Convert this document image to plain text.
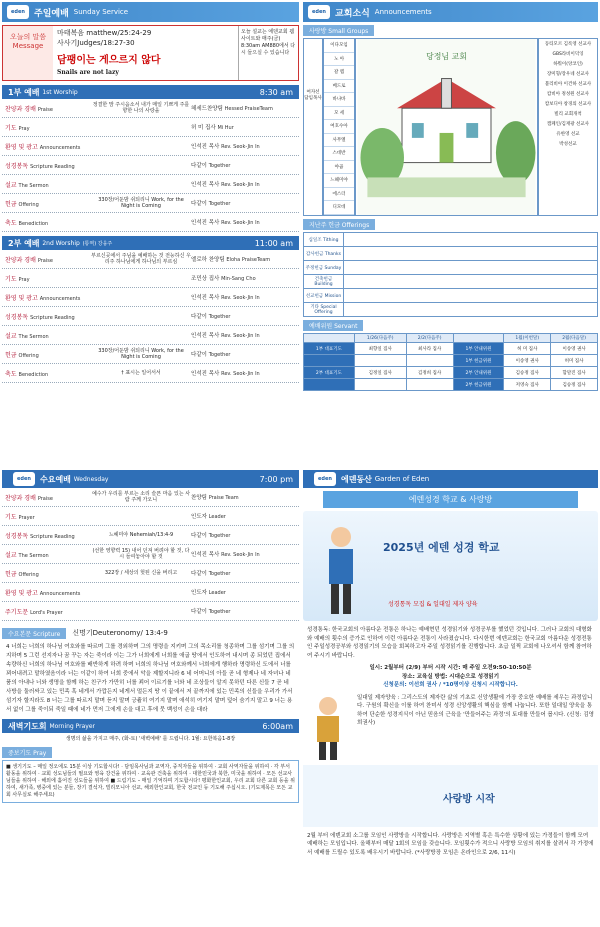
eden	주일예배 Sunday Service
오늘의 말씀
Message
마태복음 matthew/25:24-29
사사기Judges/18:27-30
담팽이는 게으르지 않다
Snails are not lazy
오늘 설교는 에덴교회 웹사이트와 매주(금) 8:30am AM880에서 다시 들으실 수 있습니다
1부 예배
1st Worship	8:30 am
찬양과 경배 Praise
정결한 맘 주시옵소서 내가 매일 기쁘게 주를 향한 나의 사랑을	헤세드찬양팀 Hessed PraiseTeam
기도 Pray	허 미 집사 Mi Hur
환영 및 광고 Announcements	인석진 목사 Rev. Seok-Jin In
성경봉독 Scripture Reading	다같이 Together
설교 The Sermon	인석진 목사 Rev. Seok-Jin In
헌금 Offering
330장/어둔밤 쉬되리니 Work, for the Night is Coming	다같이 Together
축도 Benediction	인석진 목사 Rev. Seok-Jin In
2부 예배
2nd Worship
(통역) 강웅주	11:00 am
찬양과 경배 Praise
부르신곳에서 주님을 예배하는 것 전능하신 우리주 하나님에게 하나님의 부르심	엘로하 찬양팀 Eloha PraiseTeam
기도 Pray	조민상 집사 Min-Sang Cho
환영 및 광고 Announcements	인석진 목사 Rev. Seok-Jin In
성경봉독 Scripture Reading	다같이 Together
설교 The Sermon	인석진 목사 Rev. Seok-Jin In
헌금 Offering
330장/어둔밤 쉬되리니 Work, for the Night is Coming	다같이 Together
축도 Benediction	† 표시는 일어서서	인석진 목사 Rev. Seok-Jin In
eden	교회소식 Announcements
사랑방 Small Groups
여자선 담임목사
이다모임
노 아
갈 렙
베드로
바나바
모 세
여호수아
사무엘
스데반
야곱
느헤미야
에스더
디모데
당정님 교회
동티모르 김록영 선교사
GBS라비이덕잉
하뭐이(앙코인)
장미형/장우네 선교사
불리비아 이건하 선교사
캄비아 정성원 선교사
캄보디아 창경의 선교사
빌리 교회개척
캠페인/김재광 선교사
유한영 선교
박성선교
지난주 헌금 Offerings
십일조 Tithing	
감사헌금 Thanks	
주정헌금 Sunday	
건축헌금 Building	
선교헌금 Mission	
기타 Special Offering	
예배위원 Servant
	1/26(다음주)	2/2(다음주)		1월(이번달)	2월(다음달)
1부 대표기도	최향일 집사	최사라 집사	1부 안내위원	허 미 집사	이송영 권사
			1부 헌금위원	이송영 권사	허미 집사
2부 대표기도	김정일 집사	김정희 집사	2부 안내위원	김승정 집사	함말진 집사
			2부 헌금위원	저영숙 집사	김승정 집사
eden	수요예배
Wednesday	7:00 pm
찬양과 경배 Praise
예수가 우리를 부르는 소리 슬픈 마음 있는 사람 주께 가오니	찬양팀 Praise Team
기도 Prayer	인도자 Leader
성경봉독 Scripture Reading	느헤미야 Nehemiah/13:4-9	다같이 Together
설교 The Sermon
(선한 영향력 15) 내어 던져 버려야 할 것, 다시 들여놓아야 할 것	인석진 목사 Rev. Seok-Jin In
헌금 Offering	322장 / 세상의 헛된 신을 버리고	다같이 Together
환영 및 광고 Announcements	인도자 Leader
주기도문 Lord's Prayer	다같이 Together
수요본문 Scripture	신명기Deuteronomy/ 13:4-9
4 너희는 너희의 하나님 여호와를 따르며 그를 경외하며 그의 명령을 지키며 그의 목소리를 청종하며 그를 섬기며 그를 의지하며 5 그런 선지자나 꿈 꾸는 자는 죽이라 이는 그가 너희에게 너희를 애굽 땅에서 인도하여 내시며 종 되었던 집에서 속량하신 너희의 하나님 여호와를 배반하게 하려 하며 너희의 하나님 여호와께서 너희에게 행하라 명령하신 도에서 너를 꾀어내려고 말하였음이라 너는 이같이 하여 너희 중에서 악을 제할지니라 6 네 어머니의 아들 곧 네 형제나 네 자녀나 네 품의 아내나 너와 생명을 함께 하는 친구가 가만히 너를 꾀어 이르기를 너와 네 조상들이 알지 못하던 다른 신들 7 곧 네 사방을 둘러싸고 있는 민족 혹 네게서 가깝든지 네게서 멀든지 땅 이 끝에서 저 끝까지에 있는 민족의 신들을 우리가 가서 섬기자 할지라도 8 너는 그를 따르지 말며 듣지 말며 긍휼히 여기지 말며 애석히 여기지 말며 덮어 숨기지 말고 9 너는 용서 없이 그를 죽이되 죽일 때에 네가 먼저 그에게 손을 대고 후에 뭇 백성이 손을 대라
새벽기도회
Morning Prayer	6:00am
생명의 삶을 가지고 매주, (화-토) '새벽예배' 를 드립니다. 1월: 요한복음1-8장
중보기도 Pray
■ 생기기도 – 매일 정오에도 15분 이상 기도합시다! · 담임목사님과 교역자, 중직자들을 위하여 · 교회 사역자들을 위하여 · 각 부서 활동을 위하여 · 교회 성도님들의 필요와 영육 강건을 위하여 · 교육관 건축을 위하여 · 대한민국과 북한, 미국을 위하여 · 모든 선교사님들을 위하여 · 해외에 흩어진 성도들을 위하여 ■ 드림기도 – 매일 기억하며 기도합시다! 평화한인교회, 우리 교회 다른 교회 등을 위하여, 새가족, 병중에 있는 분들, 장기 결석자, 빌리모니아 선교, 해외한인교회, 한국 전교인 등 기도해 주십시오. (기도제목은 모든 교회 사무실로 해주세요)
eden	에덴동산
Garden of Eden
에덴성경 학교 & 사랑방
2025년 에덴 성경 학교
성경통독 모집 & 일대일 제자 양육
성경통독: 한국교회의 아름다운 전통은 하나는 예배현던 성경읽기와 성경공부를 했었던 것입니다. 그러나 교회의 대형화와 예배의 횟수의 증가로 인하여 이런 아름다운 전통이 사라졌습니다. 다시한번 에덴교회는 한국교회 아름다운 성경전통인 주일성경공부와 성경읽기의 모습을 회복하고자 주일 성경읽기를 진행합니다. 초급 일찍 교회에 나오셔서 함께 참여하여 주시기 바랍니다.
일시: 2월부터 (2/9) 부터 시작 시간: 매 주일 오전9:50-10:50분
장소: 교육실 방법: 시대순으로 성경읽기
신청문의: 이선희 권사 / *10명이상 신청시 시작합니다.
일대일 제자양육 : 그리스도의 제자란 삶의 기초로 신앙생활에 가장 중요한 예배를 세우는 과정입니다. 구원의 확신을 이룰 하여 찬미서 성경 신앙생활의 핵심을 함께 나눕니다. 또한 일대일 양육을 통하여 단순한 성경지식이 아닌 믿음의 근육을 '만들어주는 과정'의 토대를 만들어 봅시다. (신청: 김영희권사)
사랑방 시작
2월 부터 에덴교회 소그룹 모임인 사랑방을 시작합니다. 사랑방은 지역별 혹은 특수한 상황에 있는 가정들이 함께 모여 예배하는 모임입니다. 올해부터 매달 1회의 모임을 갖습니다. 모임횟수가 적으니 사랑방 모임의 취지를 살려서 각 가정에서 예배를 드릴수 있도록 배우시기 바랍니다. (*사랑방장 모임은 온라인으로 2/6, 11시)
